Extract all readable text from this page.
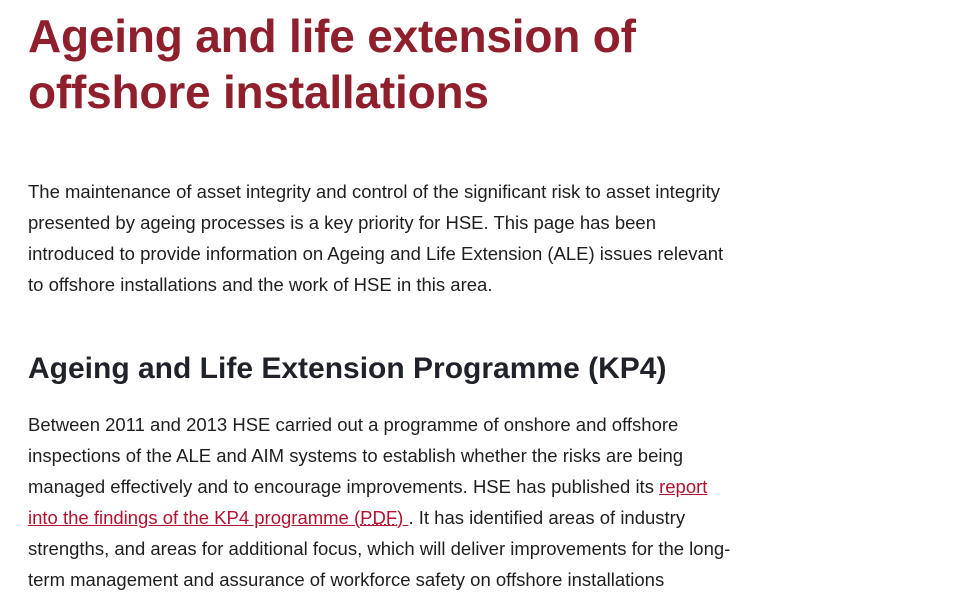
Ageing and life extension of offshore installations

The maintenance of asset integrity and control of the significant risk to asset integrity presented by ageing processes is a key priority for HSE. This page has been introduced to provide information on Ageing and Life Extension (ALE) issues relevant to offshore installations and the work of HSE in this area.

Ageing and Life Extension Programme (KP4)

Between 2011 and 2013 HSE carried out a programme of onshore and offshore inspections of the ALE and AIM systems to establish whether the risks are being managed effectively and to encourage improvements. HSE has published its report into the findings of the KP4 programme (PDF) . It has identified areas of industry strengths, and areas for additional focus, which will deliver improvements for the long-term management and assurance of workforce safety on offshore installations
